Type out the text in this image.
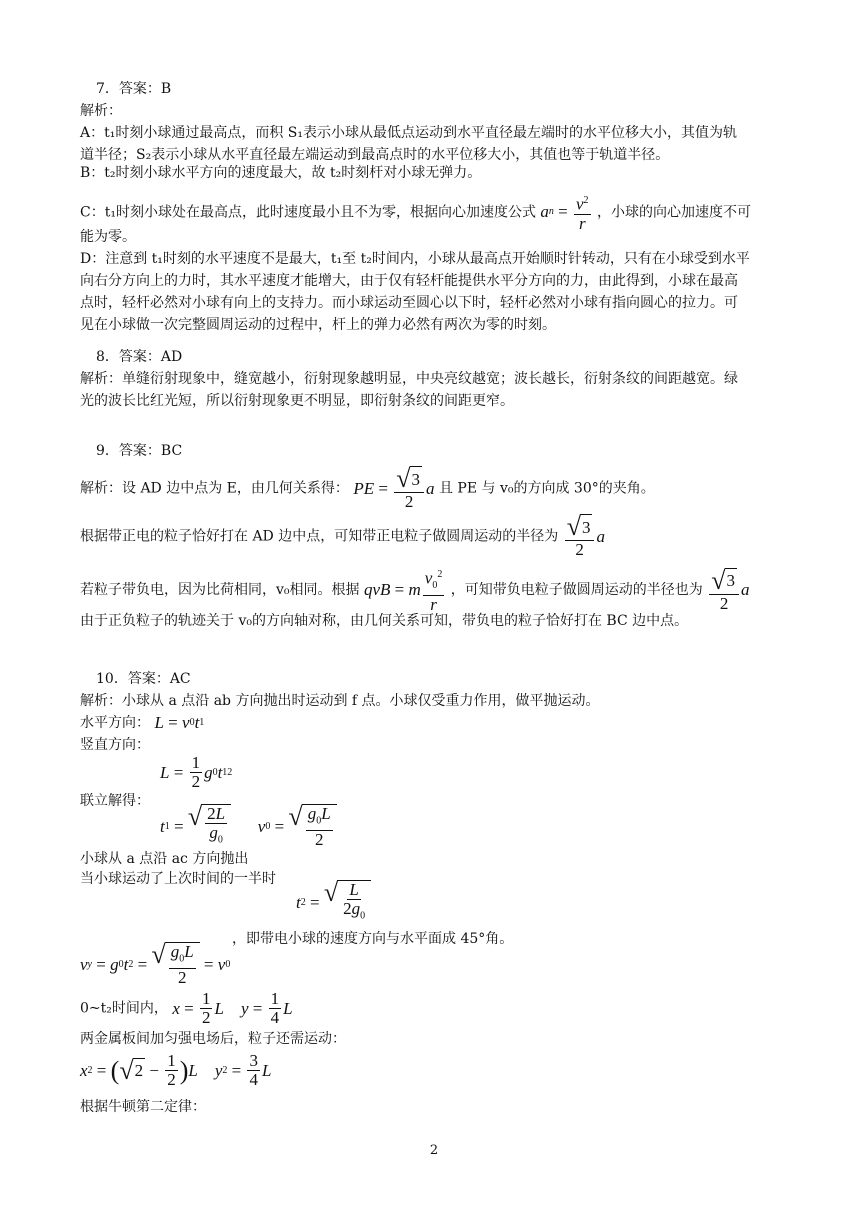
7．答案：B
解析：
A：t₁时刻小球通过最高点，而积 S₁表示小球从最低点运动到水平直径最左端时的水平位移大小，其值为轨
道半径；S₂表示小球从水平直径最左端运动到最高点时的水平位移大小，其值也等于轨道半径。
B：t₂时刻小球水平方向的速度最大，故 t₂时刻杆对小球无弹力。
C：t₁时刻小球处在最高点，此时速度最小且不为零，根据向心加速度公式 a $n = \frac{v^2}{r}$ ，小球的向心加速度不可
能为零。
D：注意到 t₁时刻的水平速度不是最大，t₁至 t₂时间内，小球从最高点开始顺时针转动，只有在小球受到水平
向右分方向上的力时，其水平速度才能增大，由于仅有轻杆能提供水平分方向的力，由此得到，小球在最高
点时，轻杆必然对小球有向上的支持力。而小球运动至圆心以下时，轻杆必然对小球有指向圆心的拉力。可
见在小球做一次完整圆周运动的过程中，杆上的弹力必然有两次为零的时刻。
8．答案：AD
解析：单缝衍射现象中，缝宽越小，衍射现象越明显，中央亮纹越宽；波长越长，衍射条纹的间距越宽。绿
光的波长比红光短，所以衍射现象更不明显，即衍射条纹的间距更窄。
9．答案：BC
解析：设 AD 边中点为 E，由几何关系得： PE = $\frac{√ 3}{2}$ a 且 PE 与 v₀的方向成 30°的夹角。
根据带正电的粒子恰好打在 AD 边中点，可知带正电粒子做圆周运动的半径为 $\frac{√ 3}{2}$ a
若粒子带负电，因为比荷相同，v₀相同。根据 qvB = m $\frac{v_0^2}{r}$ ，可知带负电粒子做圆周运动的半径也为 $\frac{√ 3}{2}$ a
由于正负粒子的轨迹关于 v₀的方向轴对称，由几何关系可知，带负电的粒子恰好打在 BC 边中点。
10．答案：AC
解析：小球从 a 点沿 ab 方向抛出时运动到 f 点。小球仅受重力作用，做平抛运动。
水平方向： L = v 0 t 1
竖直方向：
$L = \frac{1}{2}$ g 0 t 1 2
联立解得：
t 1 = √ $\frac{2L}{g_0}$
v 0 = √ $\frac{g_0L}{2}$
小球从 a 点沿 ac 方向抛出
当小球运动了上次时间的一半时
t 2 = √ $\frac{L}{2g_0}$
，即带电小球的速度方向与水平面成 45°角。
v y = g 0 t 2 = √ $\frac{g_0L}{2} = v$ 0
0~t₂时间内， $x = \frac{1}{2}$ L
$y = \frac{1}{4}$ L
两金属板间加匀强电场后，粒子还需运动：
x 2 = ( √ $2 - \frac{1}{2}$ ) L
y $2 = \frac{3}{4}$ L
根据牛顿第二定律：
2
